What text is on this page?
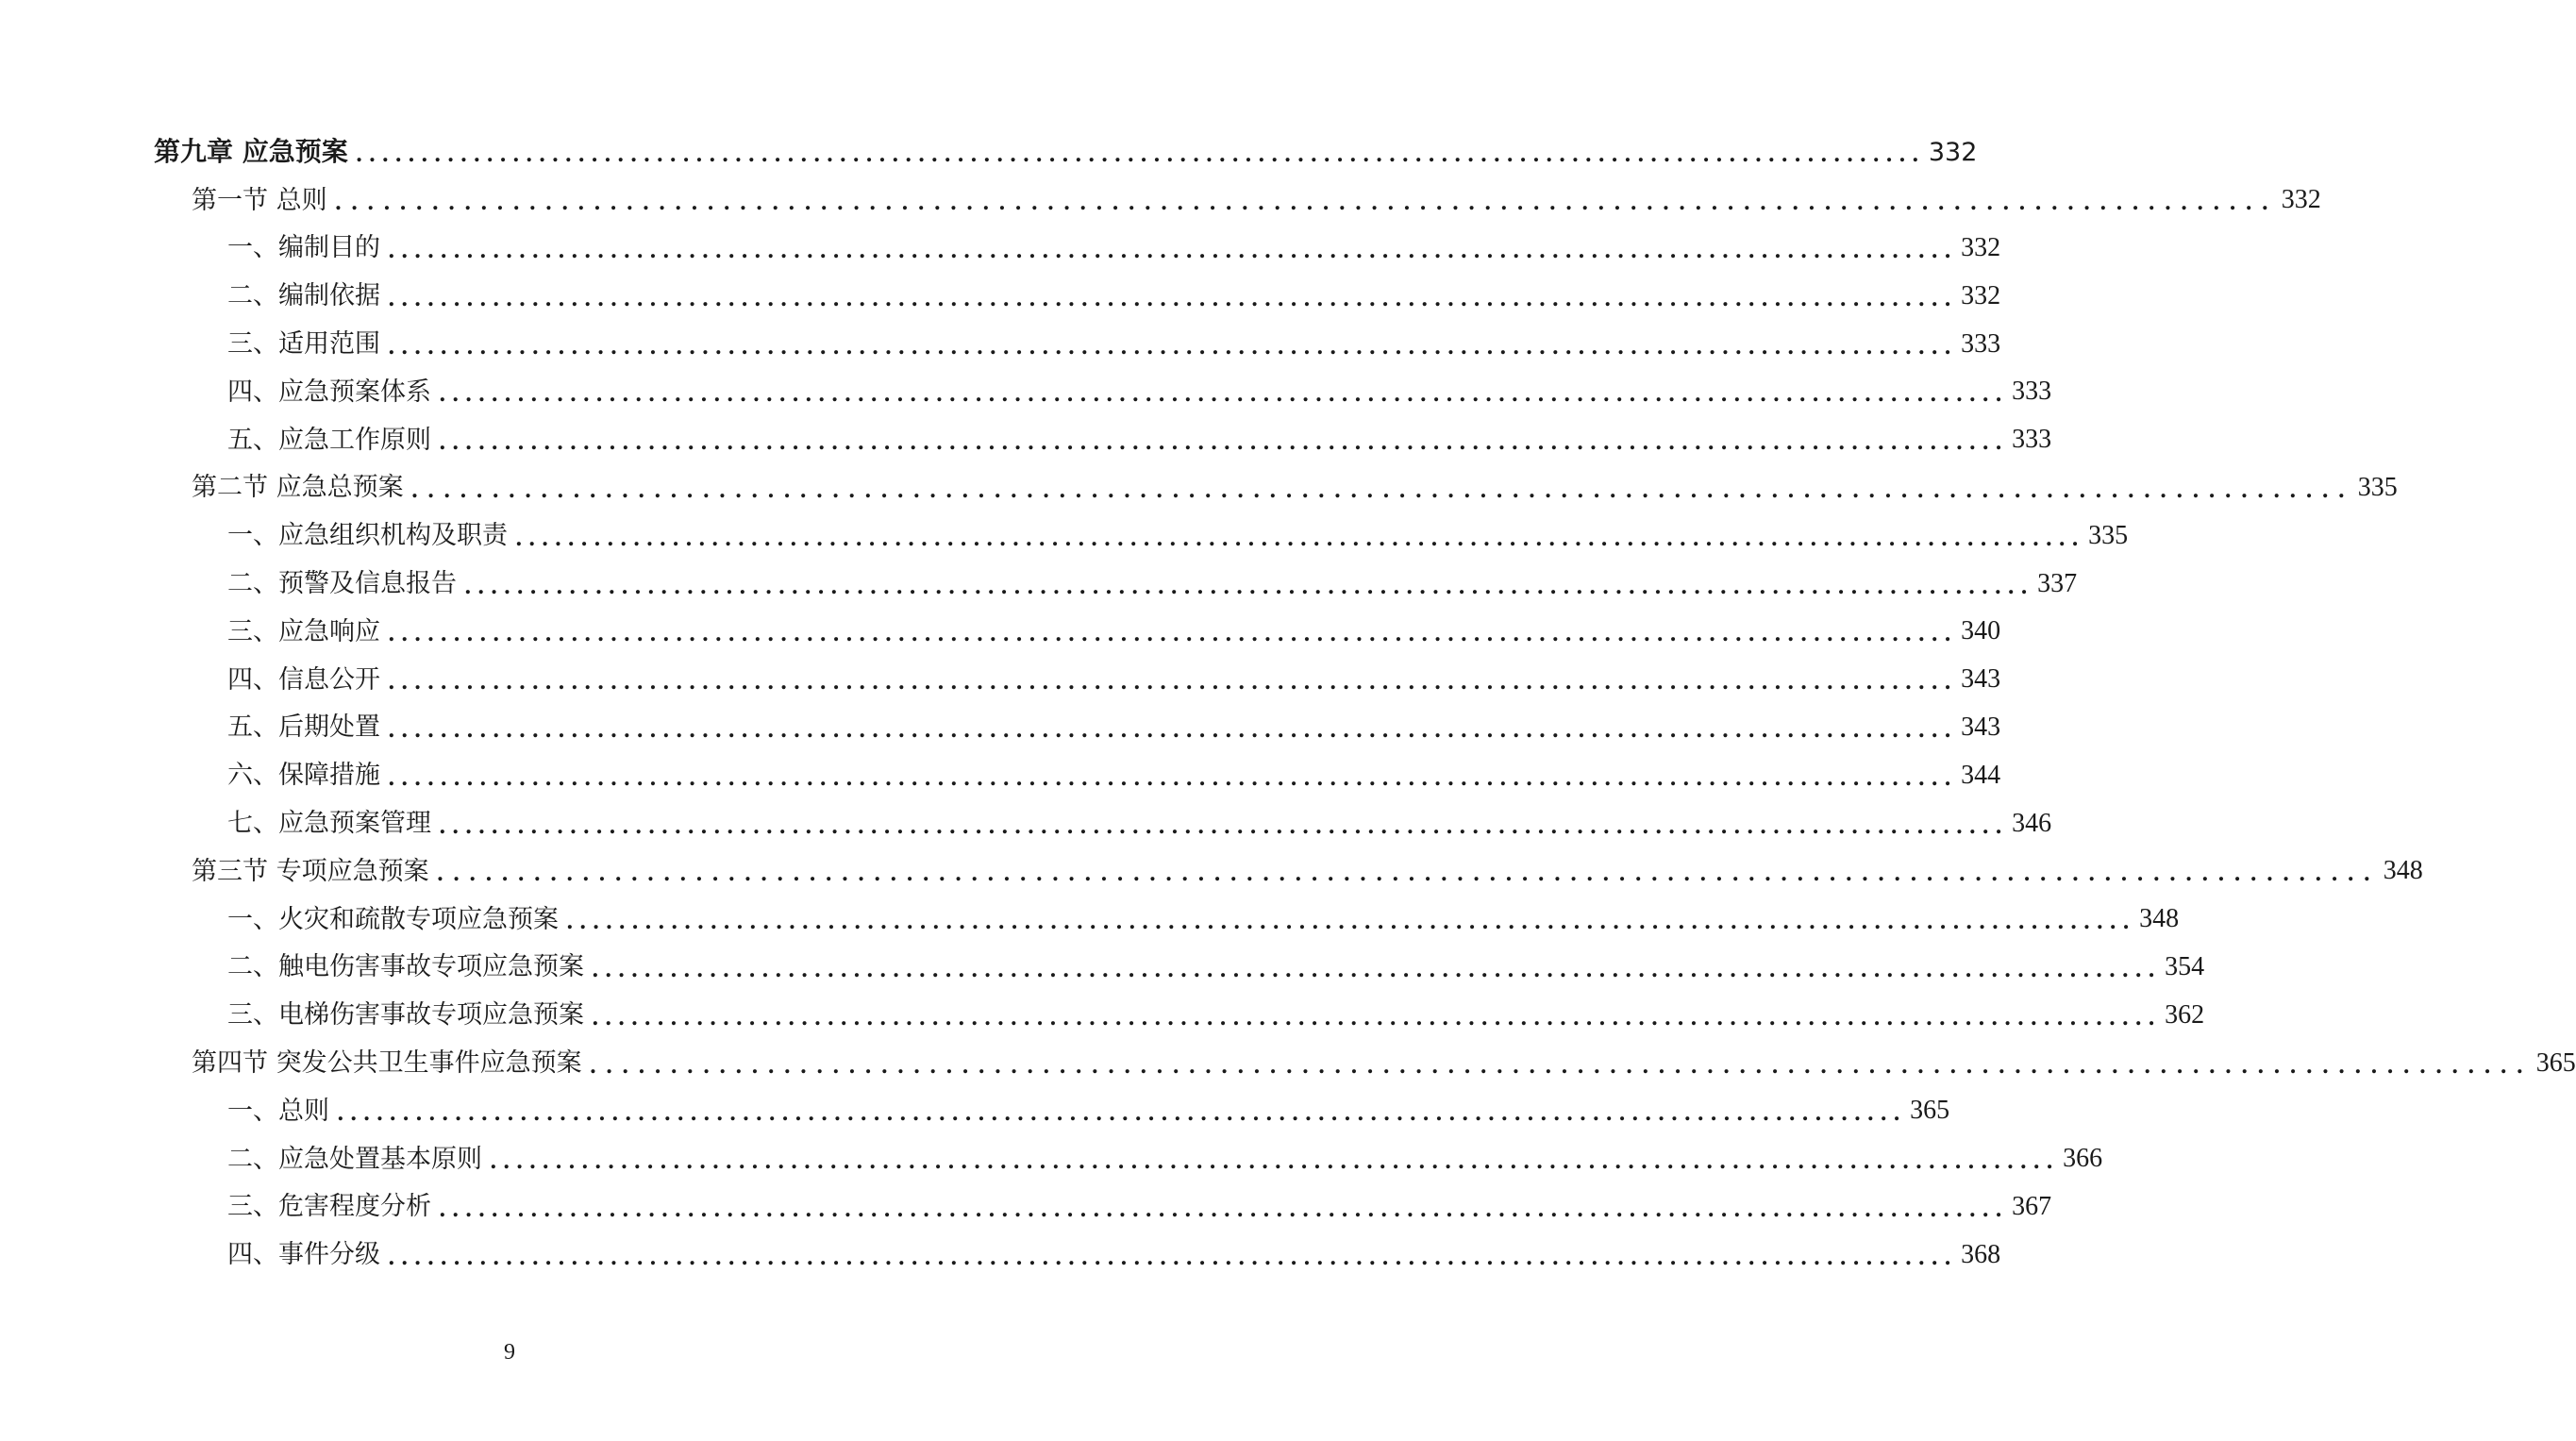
第九章 应急预案 ........................................................................................................................ 332
第一节 总则 ........................................................................................................................ 332
一、编制目的 ........................................................................................................................ 332
二、编制依据 ........................................................................................................................ 332
三、适用范围 ........................................................................................................................ 333
四、应急预案体系 ........................................................................................................................ 333
五、应急工作原则 ........................................................................................................................ 333
第二节 应急总预案 ........................................................................................................................ 335
一、应急组织机构及职责 ........................................................................................................................ 335
二、预警及信息报告 ........................................................................................................................ 337
三、应急响应 ........................................................................................................................ 340
四、信息公开 ........................................................................................................................ 343
五、后期处置 ........................................................................................................................ 343
六、保障措施 ........................................................................................................................ 344
七、应急预案管理 ........................................................................................................................ 346
第三节 专项应急预案 ........................................................................................................................ 348
一、火灾和疏散专项应急预案 ........................................................................................................................ 348
二、触电伤害事故专项应急预案 ........................................................................................................................ 354
三、电梯伤害事故专项应急预案 ........................................................................................................................ 362
第四节 突发公共卫生事件应急预案 ........................................................................................................................ 365
一、总则 ........................................................................................................................ 365
二、应急处置基本原则 ........................................................................................................................ 366
三、危害程度分析 ........................................................................................................................ 367
四、事件分级 ........................................................................................................................ 368
9
